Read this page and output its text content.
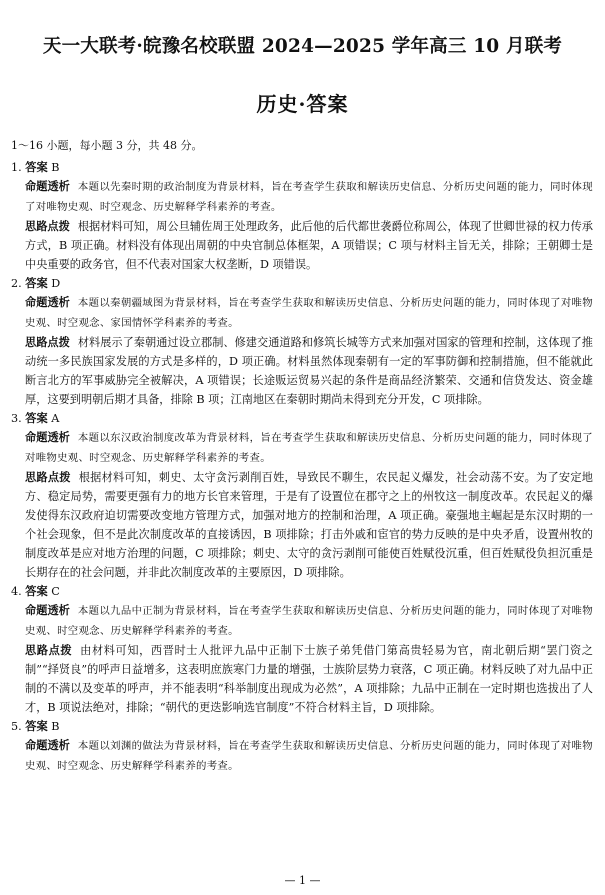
天一大联考·皖豫名校联盟 2024—2025 学年高三 10 月联考
历史·答案
1～16 小题，每小题 3 分，共 48 分。
1. 答案 B
命题透析 本题以先秦时期的政治制度为背景材料，旨在考查学生获取和解读历史信息、分析历史问题的能力，同时体现了对唯物史观、时空观念、历史解释学科素养的考查。
思路点拨 根据材料可知，周公旦辅佐周王处理政务，此后他的后代都世袭爵位称周公，体现了世卿世禄的权力传承方式，B 项正确。材料没有体现出周朝的中央官制总体框架，A 项错误；C 项与材料主旨无关，排除；王朝卿士是中央重要的政务官，但不代表对国家大权垄断，D 项错误。
2. 答案 D
命题透析 本题以秦朝疆域图为背景材料，旨在考查学生获取和解读历史信息、分析历史问题的能力，同时体现了对唯物史观、时空观念、家国情怀学科素养的考查。
思路点拨 材料展示了秦朝通过设立郡制、修建交通道路和修筑长城等方式来加强对国家的管理和控制，这体现了推动统一多民族国家发展的方式是多样的，D 项正确。材料虽然体现秦朝有一定的军事防御和控制措施，但不能就此断言北方的军事威胁完全被解决，A 项错误；长途贩运贸易兴起的条件是商品经济繁荣、交通和信贷发达、资金雄厚，这要到明朝后期才具备，排除 B 项；江南地区在秦朝时期尚未得到充分开发，C 项排除。
3. 答案 A
命题透析 本题以东汉政治制度改革为背景材料，旨在考查学生获取和解读历史信息、分析历史问题的能力，同时体现了对唯物史观、时空观念、历史解释学科素养的考查。
思路点拨 根据材料可知，刺史、太守贪污剥削百姓，导致民不聊生，农民起义爆发，社会动荡不安。为了安定地方、稳定局势，需要更强有力的地方长官来管理，于是有了设置位在郡守之上的州牧这一制度改革。农民起义的爆发使得东汉政府迫切需要改变地方管理方式，加强对地方的控制和治理，A 项正确。豪强地主崛起是东汉时期的一个社会现象，但不是此次制度改革的直接诱因，B 项排除；打击外戚和宦官的势力反映的是中央矛盾，设置州牧的制度改革是应对地方治理的问题，C 项排除；刺史、太守的贪污剥削可能使百姓赋役沉重，但百姓赋役负担沉重是长期存在的社会问题，并非此次制度改革的主要原因，D 项排除。
4. 答案 C
命题透析 本题以九品中正制为背景材料，旨在考查学生获取和解读历史信息、分析历史问题的能力，同时体现了对唯物史观、时空观念、历史解释学科素养的考查。
思路点拨 由材料可知，西晋时士人批评九品中正制下士族子弟凭借门第高贵轻易为官，南北朝后期“罢门资之制”“择贤良”的呼声日益增多，这表明庶族寒门力量的增强，士族阶层势力衰落，C 项正确。材料反映了对九品中正制的不满以及变革的呼声，并不能表明“科举制度出现成为必然”，A 项排除；九品中正制在一定时期也选拔出了人才，B 项说法绝对，排除；“朝代的更迭影响选官制度”不符合材料主旨，D 项排除。
5. 答案 B
命题透析 本题以刘渊的做法为背景材料，旨在考查学生获取和解读历史信息、分析历史问题的能力，同时体现了对唯物史观、时空观念、历史解释学科素养的考查。
— 1 —
